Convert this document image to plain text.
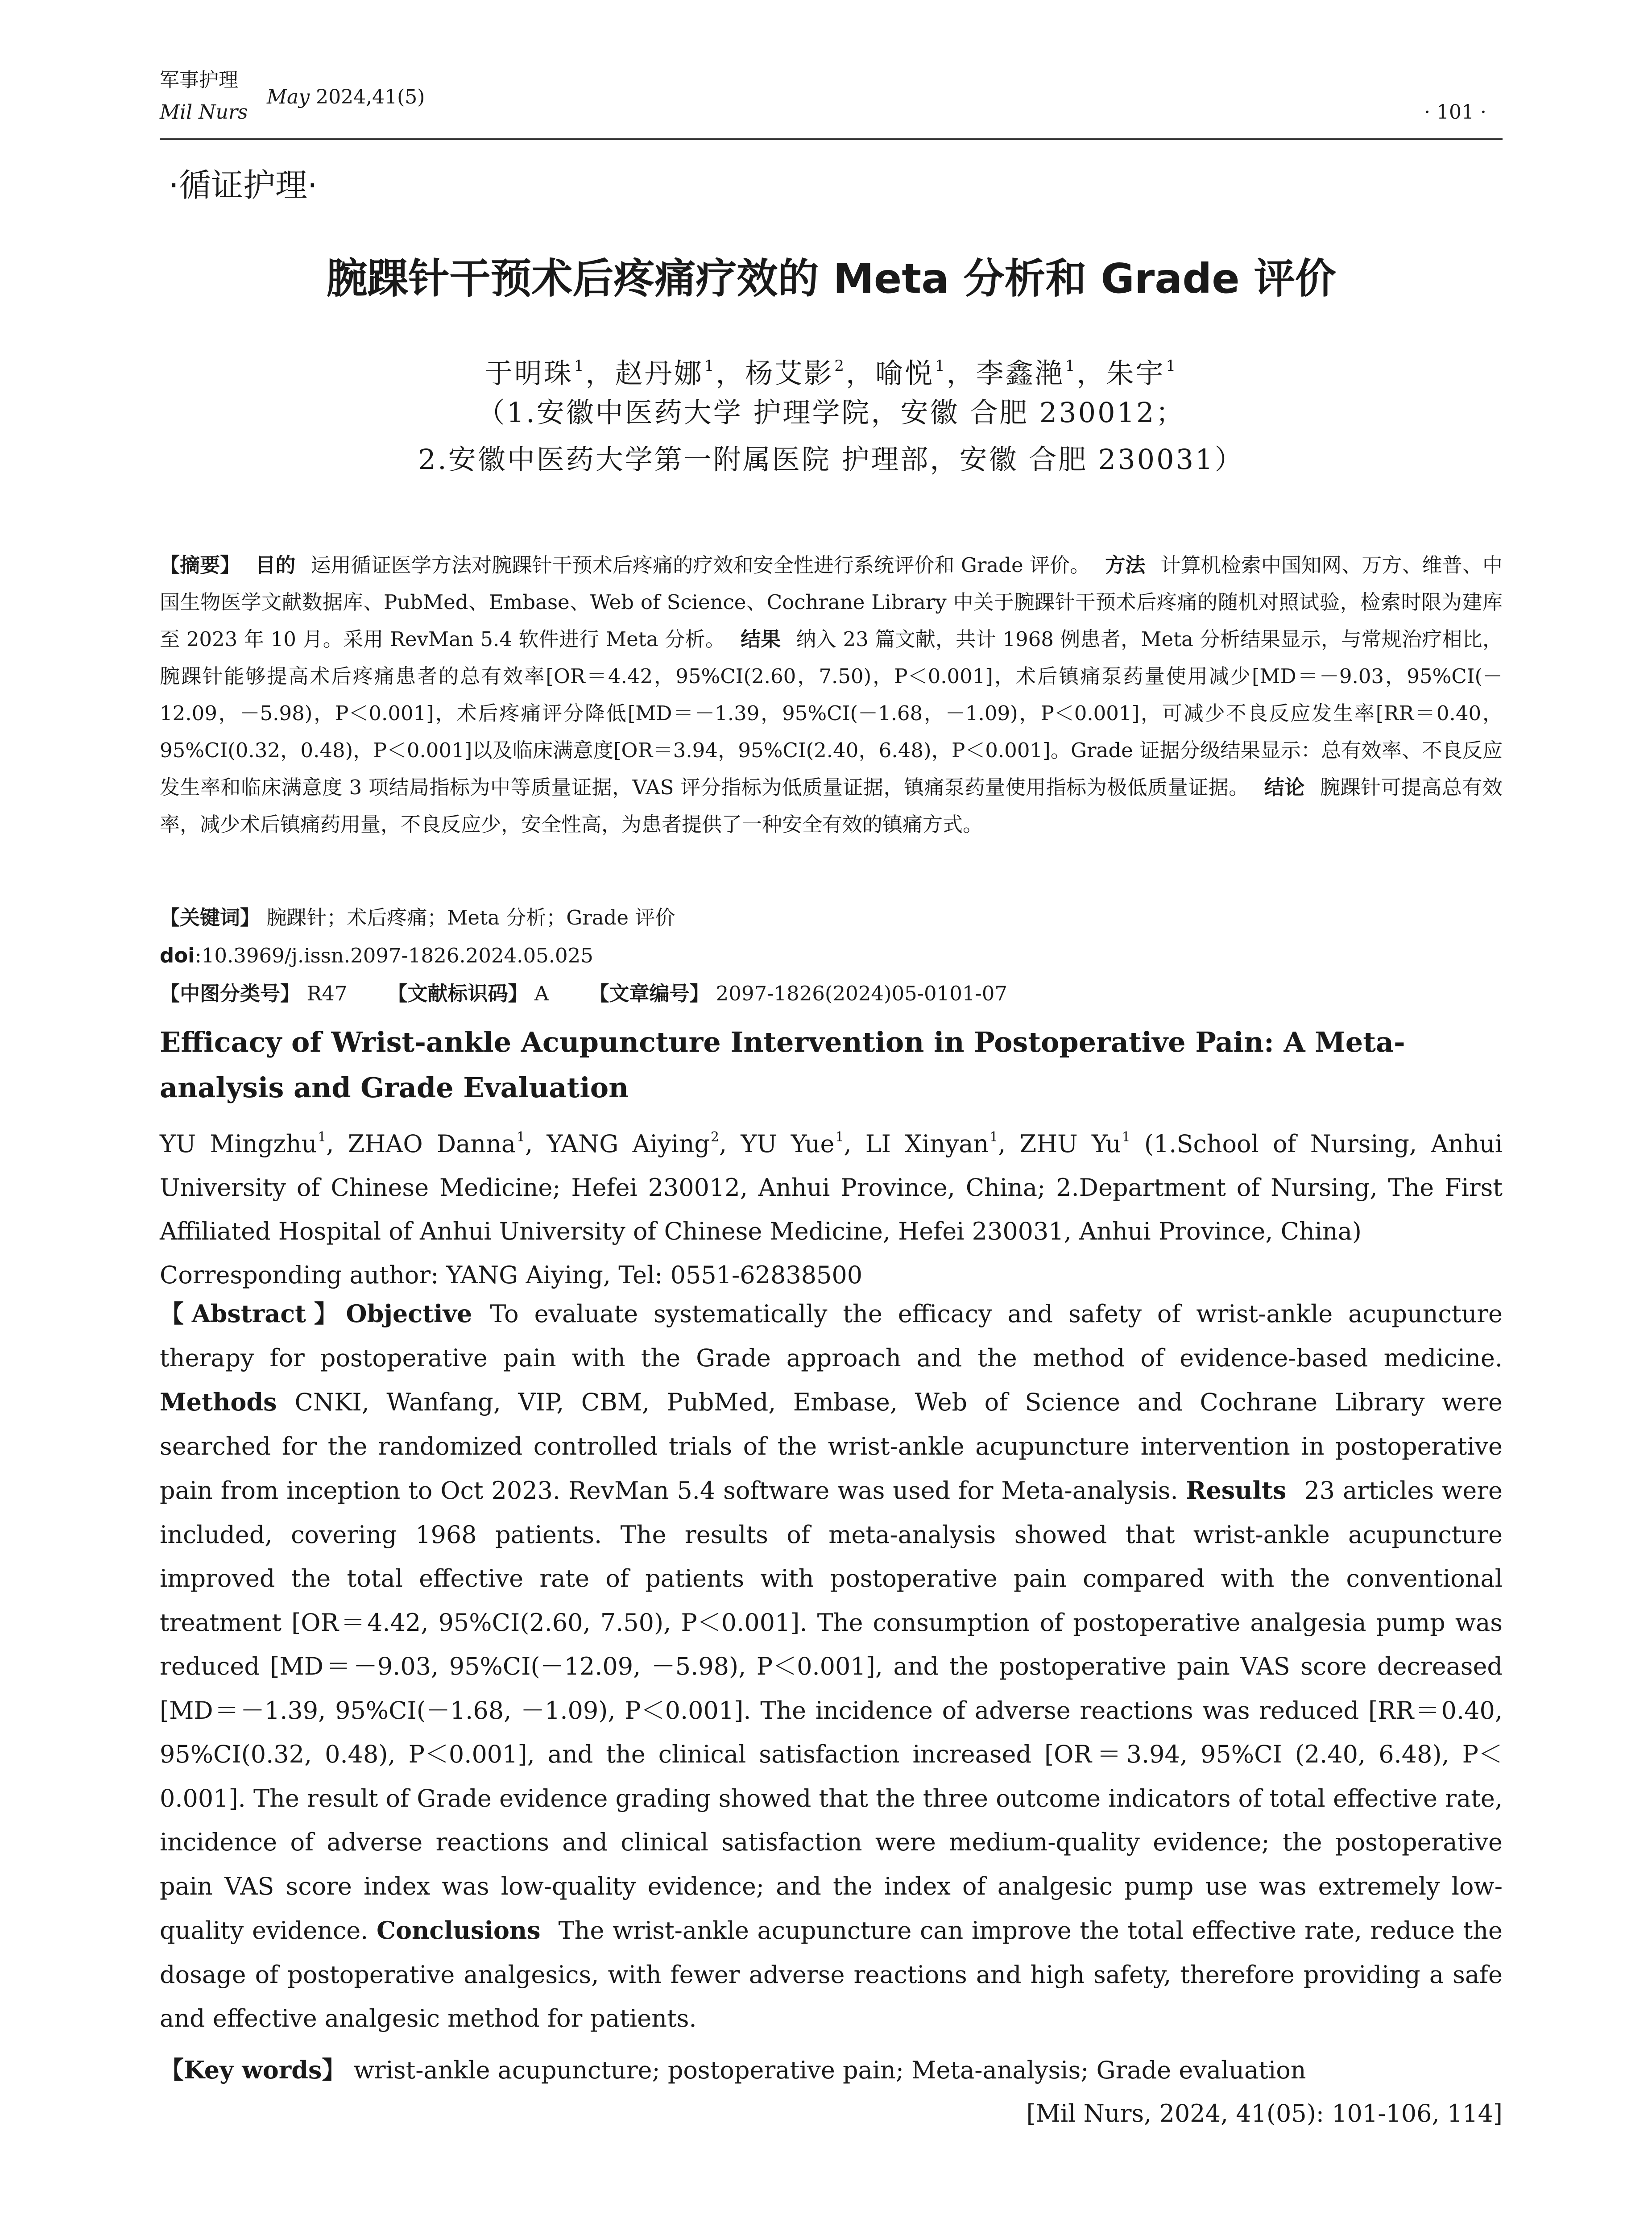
军事护理
Mil Nurs
May 2024,41(5)
· 101 ·
·循证护理·
腕踝针干预术后疼痛疗效的 Meta 分析和 Grade 评价
于明珠$^1$，赵丹娜$^1$，杨艾影$^2$，喻悦$^1$，李鑫滟$^1$，朱宇$^1$
（1.安徽中医药大学 护理学院，安徽 合肥 230012；
2.安徽中医药大学第一附属医院 护理部，安徽 合肥 230031）
【摘要】 目的 运用循证医学方法对腕踝针干预术后疼痛的疗效和安全性进行系统评价和 Grade 评价。 方法 计算机检索中国知网、万方、维普、中国生物医学文献数据库、PubMed、Embase、Web of Science、Cochrane Library 中关于腕踝针干预术后疼痛的随机对照试验，检索时限为建库至 2023 年 10 月。采用 RevMan 5.4 软件进行 Meta 分析。 结果 纳入 23 篇文献，共计 1968 例患者，Meta 分析结果显示，与常规治疗相比，腕踝针能够提高术后疼痛患者的总有效率[OR＝4.42，95%CI(2.60，7.50)，P＜0.001]，术后镇痛泵药量使用减少[MD＝－9.03，95%CI(－12.09，－5.98)，P＜0.001]，术后疼痛评分降低[MD＝－1.39，95%CI(－1.68，－1.09)，P＜0.001]，可减少不良反应发生率[RR＝0.40，95%CI(0.32，0.48)，P＜0.001]以及临床满意度[OR＝3.94，95%CI(2.40，6.48)，P＜0.001]。Grade 证据分级结果显示：总有效率、不良反应发生率和临床满意度 3 项结局指标为中等质量证据，VAS 评分指标为低质量证据，镇痛泵药量使用指标为极低质量证据。 结论 腕踝针可提高总有效率，减少术后镇痛药用量，不良反应少，安全性高，为患者提供了一种安全有效的镇痛方式。
【关键词】 腕踝针；术后疼痛；Meta 分析；Grade 评价
doi:10.3969/j.issn.2097-1826.2024.05.025
【中图分类号】 R47 【文献标识码】 A 【文章编号】 2097-1826(2024)05-0101-07
Efficacy of Wrist-ankle Acupuncture Intervention in Postoperative Pain: A Meta-analysis and Grade Evaluation
YU Mingzhu$^1$, ZHAO Danna$^1$, YANG Aiying$^2$, YU Yue$^1$, LI Xinyan$^1$, ZHU Yu$^1$ (1.School of Nursing, Anhui University of Chinese Medicine; Hefei 230012, Anhui Province, China; 2.Department of Nursing, The First Affiliated Hospital of Anhui University of Chinese Medicine, Hefei 230031, Anhui Province, China)
Corresponding author: YANG Aiying, Tel: 0551-62838500
【Abstract】Objective To evaluate systematically the efficacy and safety of wrist-ankle acupuncture therapy for postoperative pain with the Grade approach and the method of evidence-based medicine. Methods CNKI, Wanfang, VIP, CBM, PubMed, Embase, Web of Science and Cochrane Library were searched for the randomized controlled trials of the wrist-ankle acupuncture intervention in postoperative pain from inception to Oct 2023. RevMan 5.4 software was used for Meta-analysis. Results 23 articles were included, covering 1968 patients. The results of meta-analysis showed that wrist-ankle acupuncture improved the total effective rate of patients with postoperative pain compared with the conventional treatment [OR＝4.42, 95%CI(2.60, 7.50), P＜0.001]. The consumption of postoperative analgesia pump was reduced [MD＝－9.03, 95%CI(－12.09, －5.98), P＜0.001], and the postoperative pain VAS score decreased [MD＝－1.39, 95%CI(－1.68, －1.09), P＜0.001]. The incidence of adverse reactions was reduced [RR＝0.40, 95%CI(0.32, 0.48), P＜0.001], and the clinical satisfaction increased [OR＝3.94, 95%CI (2.40, 6.48), P＜0.001]. The result of Grade evidence grading showed that the three outcome indicators of total effective rate, incidence of adverse reactions and clinical satisfaction were medium-quality evidence; the postoperative pain VAS score index was low-quality evidence; and the index of analgesic pump use was extremely low-quality evidence. Conclusions The wrist-ankle acupuncture can improve the total effective rate, reduce the dosage of postoperative analgesics, with fewer adverse reactions and high safety, therefore providing a safe and effective analgesic method for patients.
【Key words】 wrist-ankle acupuncture; postoperative pain; Meta-analysis; Grade evaluation
[Mil Nurs, 2024, 41(05): 101-106, 114]
